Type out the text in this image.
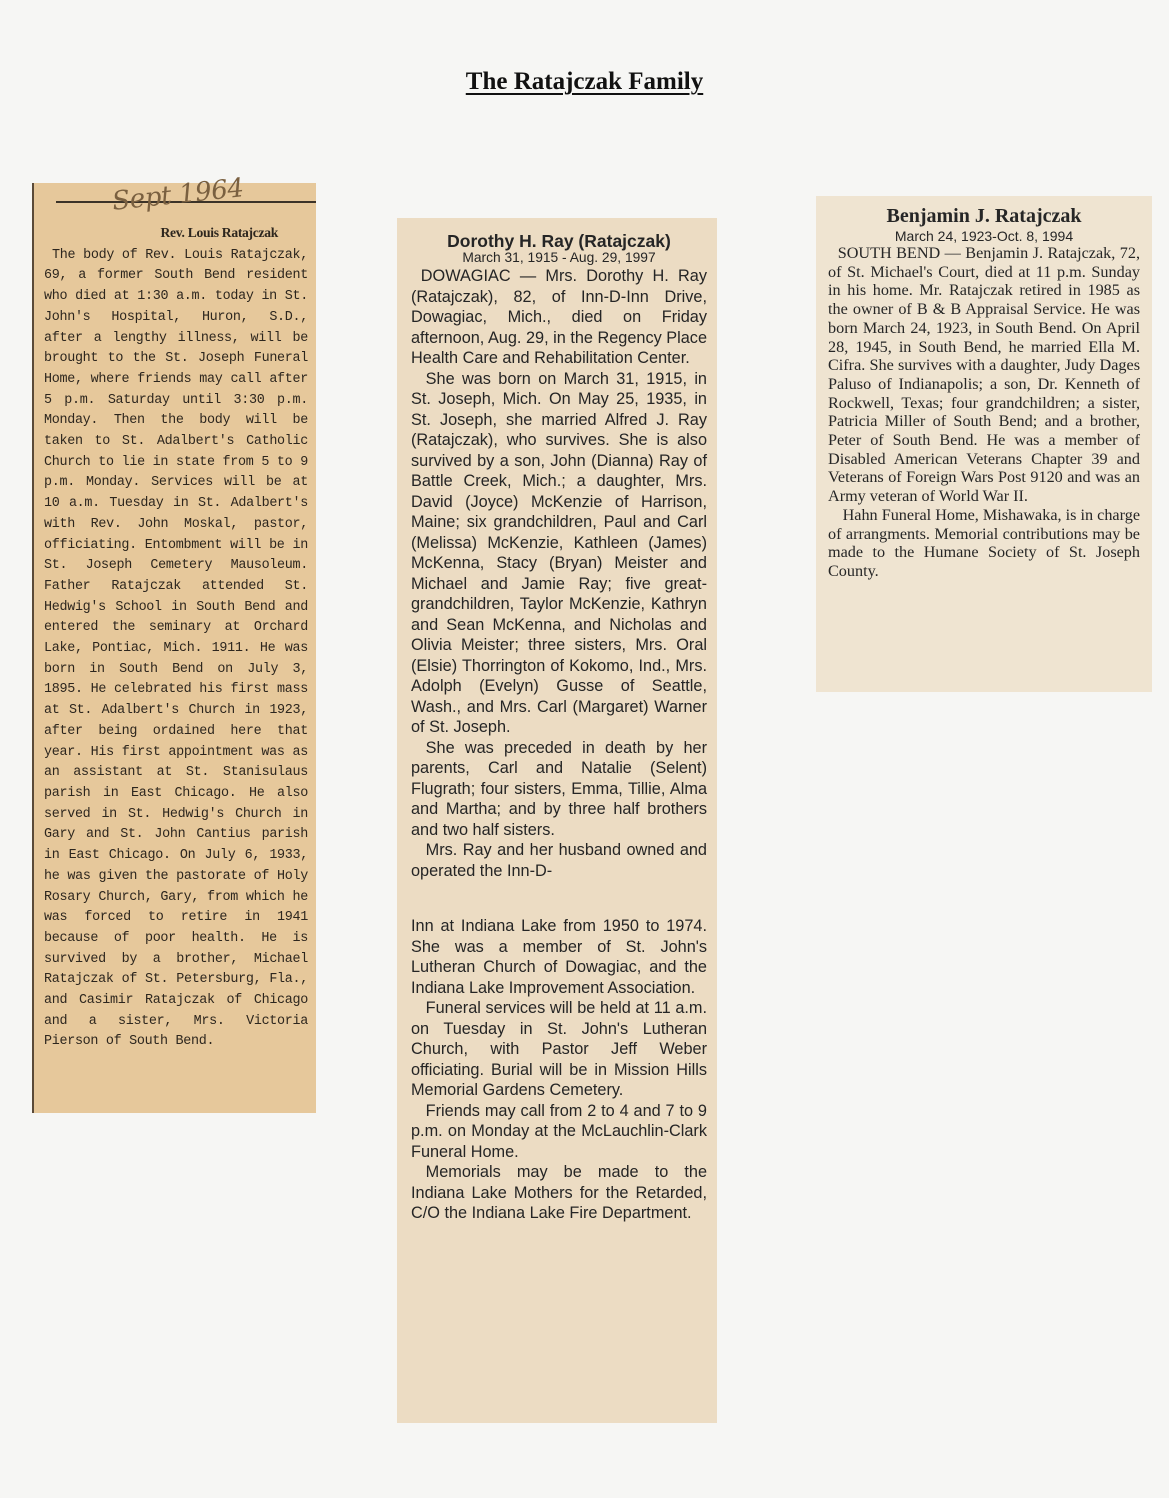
The Ratajczak Family
Sept 1964
Rev. Louis Ratajczak

The body of Rev. Louis Ratajczak, 69, a former South Bend resident who died at 1:30 a.m. today in St. John's Hospital, Huron, S.D., after a lengthy illness, will be brought to the St. Joseph Funeral Home, where friends may call after 5 p.m. Saturday until 3:30 p.m. Monday. Then the body will be taken to St. Adalbert's Catholic Church to lie in state from 5 to 9 p.m. Monday. Services will be at 10 a.m. Tuesday in St. Adalbert's with Rev. John Moskal, pastor, officiating. Entombment will be in St. Joseph Cemetery Mausoleum. Father Ratajczak attended St. Hedwig's School in South Bend and entered the seminary at Orchard Lake, Pontiac, Mich. 1911. He was born in South Bend on July 3, 1895. He celebrated his first mass at St. Adalbert's Church in 1923, after being ordained here that year. His first appointment was as an assistant at St. Stanisulaus parish in East Chicago. He also served in St. Hedwig's Church in Gary and St. John Cantius parish in East Chicago. On July 6, 1933, he was given the pastorate of Holy Rosary Church, Gary, from which he was forced to retire in 1941 because of poor health. He is survived by a brother, Michael Ratajczak of St. Petersburg, Fla., and Casimir Ratajczak of Chicago and a sister, Mrs. Victoria Pierson of South Bend.

Dorothy H. Ray (Ratajczak)
March 31, 1915 - Aug. 29, 1997

DOWAGIAC — Mrs. Dorothy H. Ray (Ratajczak), 82, of Inn-D-Inn Drive, Dowagiac, Mich., died on Friday afternoon, Aug. 29, in the Regency Place Health Care and Rehabilitation Center.

She was born on March 31, 1915, in St. Joseph, Mich. On May 25, 1935, in St. Joseph, she married Alfred J. Ray (Ratajczak), who survives. She is also survived by a son, John (Dianna) Ray of Battle Creek, Mich.; a daughter, Mrs. David (Joyce) McKenzie of Harrison, Maine; six grandchildren, Paul and Carl (Melissa) McKenzie, Kathleen (James) McKenna, Stacy (Bryan) Meister and Michael and Jamie Ray; five great-grandchildren, Taylor McKenzie, Kathryn and Sean McKenna, and Nicholas and Olivia Meister; three sisters, Mrs. Oral (Elsie) Thorrington of Kokomo, Ind., Mrs. Adolph (Evelyn) Gusse of Seattle, Wash., and Mrs. Carl (Margaret) Warner of St. Joseph.

She was preceded in death by her parents, Carl and Natalie (Selent) Flugrath; four sisters, Emma, Tillie, Alma and Martha; and by three half brothers and two half sisters.

Mrs. Ray and her husband owned and operated the Inn-D-

Inn at Indiana Lake from 1950 to 1974. She was a member of St. John's Lutheran Church of Dowagiac, and the Indiana Lake Improvement Association.

Funeral services will be held at 11 a.m. on Tuesday in St. John's Lutheran Church, with Pastor Jeff Weber officiating. Burial will be in Mission Hills Memorial Gardens Cemetery.

Friends may call from 2 to 4 and 7 to 9 p.m. on Monday at the McLauchlin-Clark Funeral Home.

Memorials may be made to the Indiana Lake Mothers for the Retarded, C/O the Indiana Lake Fire Department.

Benjamin J. Ratajczak
March 24, 1923-Oct. 8, 1994

SOUTH BEND — Benjamin J. Ratajczak, 72, of St. Michael's Court, died at 11 p.m. Sunday in his home. Mr. Ratajczak retired in 1985 as the owner of B & B Appraisal Service. He was born March 24, 1923, in South Bend. On April 28, 1945, in South Bend, he married Ella M. Cifra. She survives with a daughter, Judy Dages Paluso of Indianapolis; a son, Dr. Kenneth of Rockwell, Texas; four grandchildren; a sister, Patricia Miller of South Bend; and a brother, Peter of South Bend. He was a member of Disabled American Veterans Chapter 39 and Veterans of Foreign Wars Post 9120 and was an Army veteran of World War II.

Hahn Funeral Home, Mishawaka, is in charge of arrangments. Memorial contributions may be made to the Humane Society of St. Joseph County.
